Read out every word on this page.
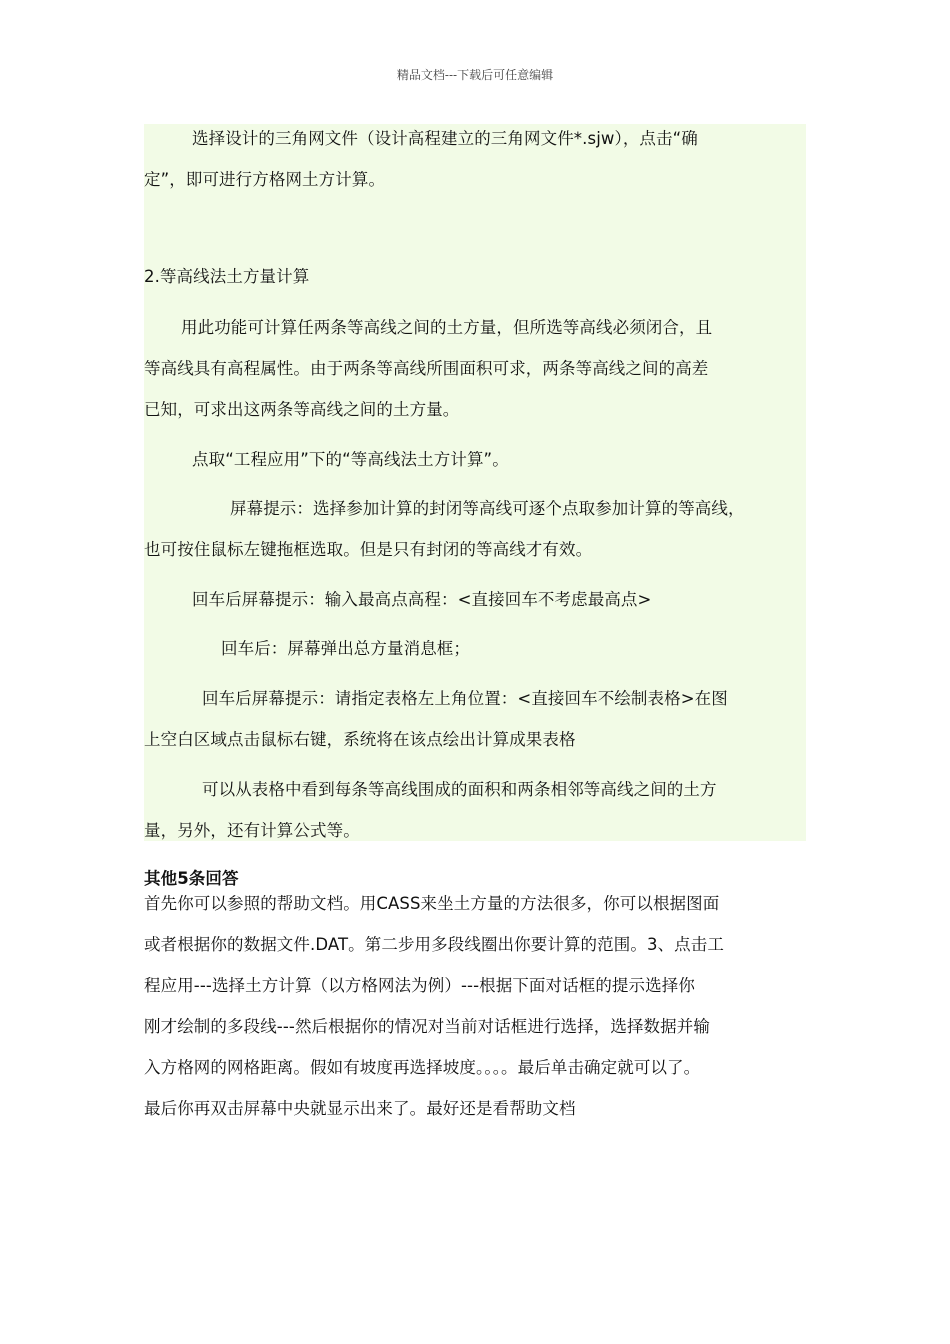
精品文档---下载后可任意编辑
选择设计的三角网文件（设计高程建立的三角网文件*.sjw），点击“确
定”，即可进行方格网土方计算。
2.等高线法土方量计算
用此功能可计算任两条等高线之间的土方量，但所选等高线必须闭合，且
等高线具有高程属性。由于两条等高线所围面积可求，两条等高线之间的高差
已知，可求出这两条等高线之间的土方量。
点取“工程应用”下的“等高线法土方计算”。
屏幕提示：选择参加计算的封闭等高线可逐个点取参加计算的等高线，
也可按住鼠标左键拖框选取。但是只有封闭的等高线才有效。
回车后屏幕提示：输入最高点高程：<直接回车不考虑最高点>
回车后：屏幕弹出总方量消息框；
回车后屏幕提示：请指定表格左上角位置：<直接回车不绘制表格>在图
上空白区域点击鼠标右键，系统将在该点绘出计算成果表格
可以从表格中看到每条等高线围成的面积和两条相邻等高线之间的土方
量，另外，还有计算公式等。
其他5条回答
首先你可以参照的帮助文档。用CASS来坐土方量的方法很多，你可以根据图面
或者根据你的数据文件.DAT。第二步用多段线圈出你要计算的范围。3、点击工
程应用---选择土方计算（以方格网法为例）---根据下面对话框的提示选择你
刚才绘制的多段线---然后根据你的情况对当前对话框进行选择，选择数据并输
入方格网的网格距离。假如有坡度再选择坡度。。。。最后单击确定就可以了。
最后你再双击屏幕中央就显示出来了。最好还是看帮助文档
